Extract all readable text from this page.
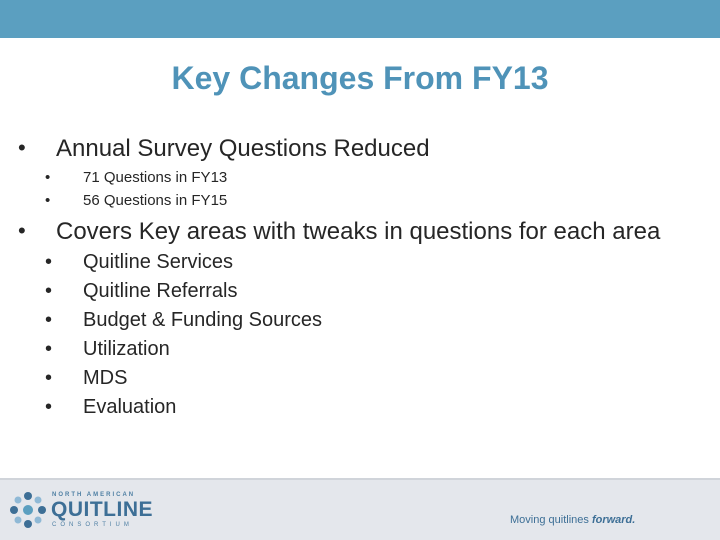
Key Changes From FY13
• Annual Survey Questions Reduced
• 71 Questions in FY13
• 56 Questions in FY15
• Covers Key areas with tweaks in questions for each area
• Quitline Services
• Quitline Referrals
• Budget & Funding Sources
• Utilization
• MDS
• Evaluation
NORTH AMERICAN
QUITLINE
CONSORTIUM	Moving quitlines forward.
